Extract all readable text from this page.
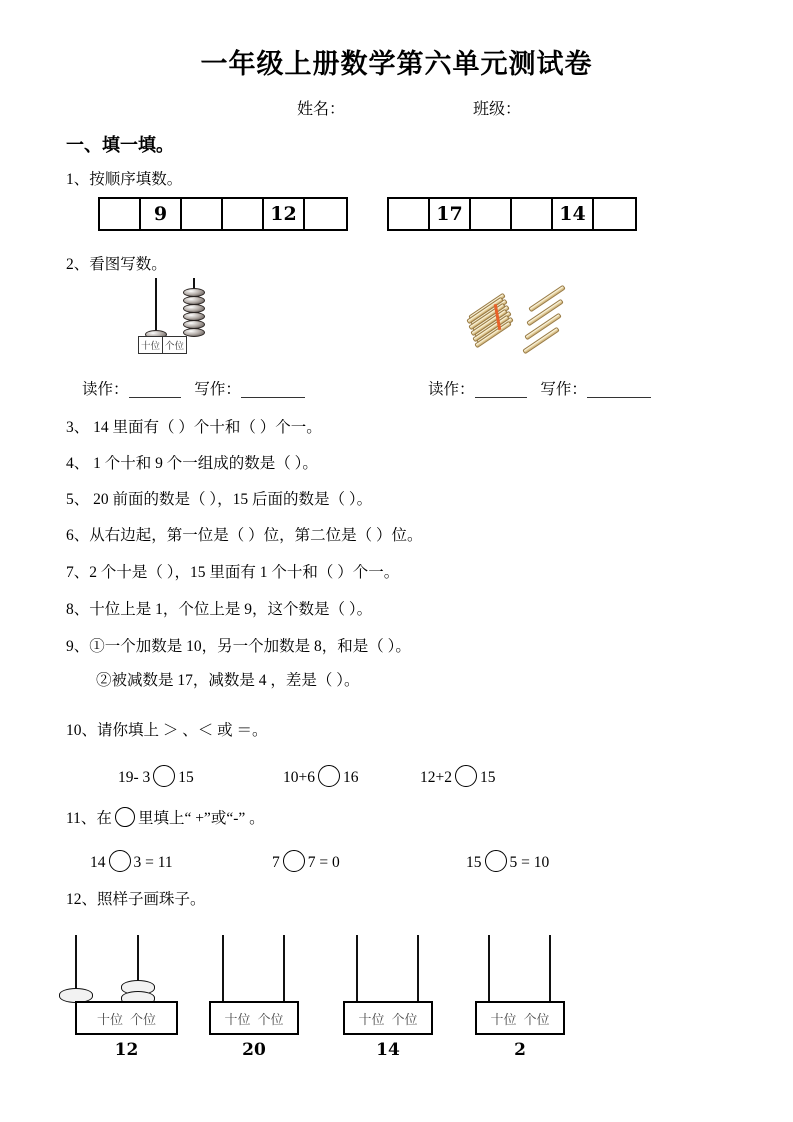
一年级上册数学第六单元测试卷
姓名：	班级：
一、填一填。
1、按顺序填数。
9	12	17	14
2、看图写数。
十位 个位
读作：	写作：	读作：	写作：
3、 14 里面有（ ）个十和（ ）个一。
4、 1 个十和 9 个一组成的数是（ ）。
5、 20 前面的数是（ ），15 后面的数是（ ）。
6、从右边起，第一位是（ ）位，第二位是（ ）位。
7、2 个十是（ ），15 里面有 1 个十和（ ）个一。
8、十位上是 1，个位上是 9，这个数是（ ）。
9、①一个加数是 10，另一个加数是 8，和是（ ）。
②被减数是 17，减数是 4 ，差是（ ）。
10、请你填上 ＞ 、＜ 或 ＝。
19- 3 15	10+6 16	12+2 15
11、在 里填上“ +”或“-” 。
14 3 = 11	7 7 = 0	15 5 = 10
12、照样子画珠子。
十位 个位
12
十位 个位
20
十位 个位
14
十位 个位
2
